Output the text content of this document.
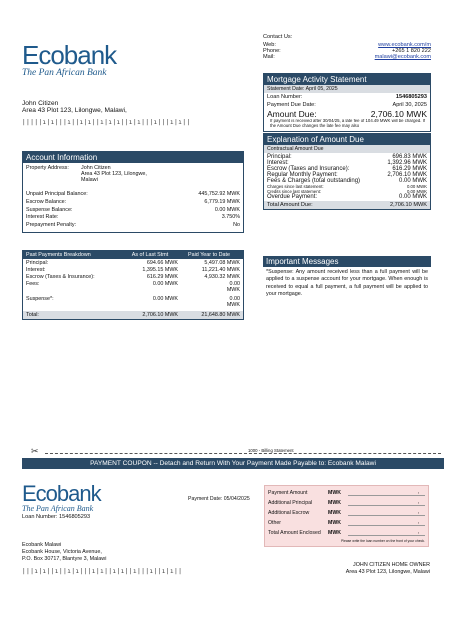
Ecobank
The Pan African Bank
Contact Us:
Web:	www.ecobank.com/m
Phone:	+265 1 820 222
Mail:	malawi@ecobank.com
John Citizen
Area 43 Plot 123, Lilongwe, Malawi,
|||||ı|ı|||ı||ı|ı||ı|ı|ı||ı|ı|||ı|||ı|ı||
Mortgage Activity Statement
Statement Date: April 05, 2025
Loan Number:	1546805293
Payment Due Date:	April 30, 2025
Amount Due:	2,706.10 MWK
If payment is received after 30/04/25, a late fee of 104.49 MWK will be charged. If the Amount Due changes the late fee may also
Explanation of Amount Due
Contractual Amount Due
Principal:	696.83 MWK
Interest:	1,392.96 MWK
Escrow (Taxes and Insurance):	616.29 MWK
Regular Monthly Payment:	2,706.10 MWK
Fees & Charges (total outstanding)	0.00 MWK
Charges since last statement:	0.00 MWK
Credits since last statement:	0.00 MWK
Overdue Payment:	0.00 MWK
Total Amount Due:	2,706.10 MWK
Account Information
Property Address:	John Citizen
Area 43 Plot 123, Lilongwe,
Malawi
Unpaid Principal Balance:	445,752.92 MWK
Escrow Balance:	6,779.19 MWK
Suspense Balance:	0.00 MWK
Interest Rate:	3.750%
Prepayment Penalty:	No
Past Payments Breakdown	As of Last Stmt	Paid Year to Date
Principal:	694.66 MWK	5,497.08 MWK
Interest:	1,395.15 MWK	11,221.40 MWK
Escrow (Taxes & Insurance):	616.29 MWK	4,930.32 MWK
Fees:	0.00 MWK	0.00 MWK
Suspense*:	0.00 MWK	0.00 MWK
Total:	2,706.10 MWK	21,648.80 MWK
Important Messages
*Suspense: Any amount received less than a full payment will be applied to a suspense account for your mortgage. When enough is received to equal a full payment, a full payment will be applied to your mortgage.
✂	1000 - Billing Statement
PAYMENT COUPON -- Detach and Return With Your Payment Made Payable to: Ecobank Malawi
Ecobank
The Pan African Bank
Loan Number: 1546805293
Payment Date: 05/04/2025
Ecobank Malawi
Ecobank House, Victoria Avenue,
P.O. Box 30717, Blantyre 3, Malawi
|||ı|ı||ı||ı|ı|||ı|ı||ı|ı||ı|||ı||ı|ı||
Payment Amount	MWK	,
Additional Principal	MWK	,
Additional Escrow	MWK	,
Other	MWK	,
Total Amount Enclosed	MWK	,
Please write the loan number on the front of your check.
JOHN CITIZEN HOME OWNER
Area 43 Plot 123, Lilongwe, Malawi
